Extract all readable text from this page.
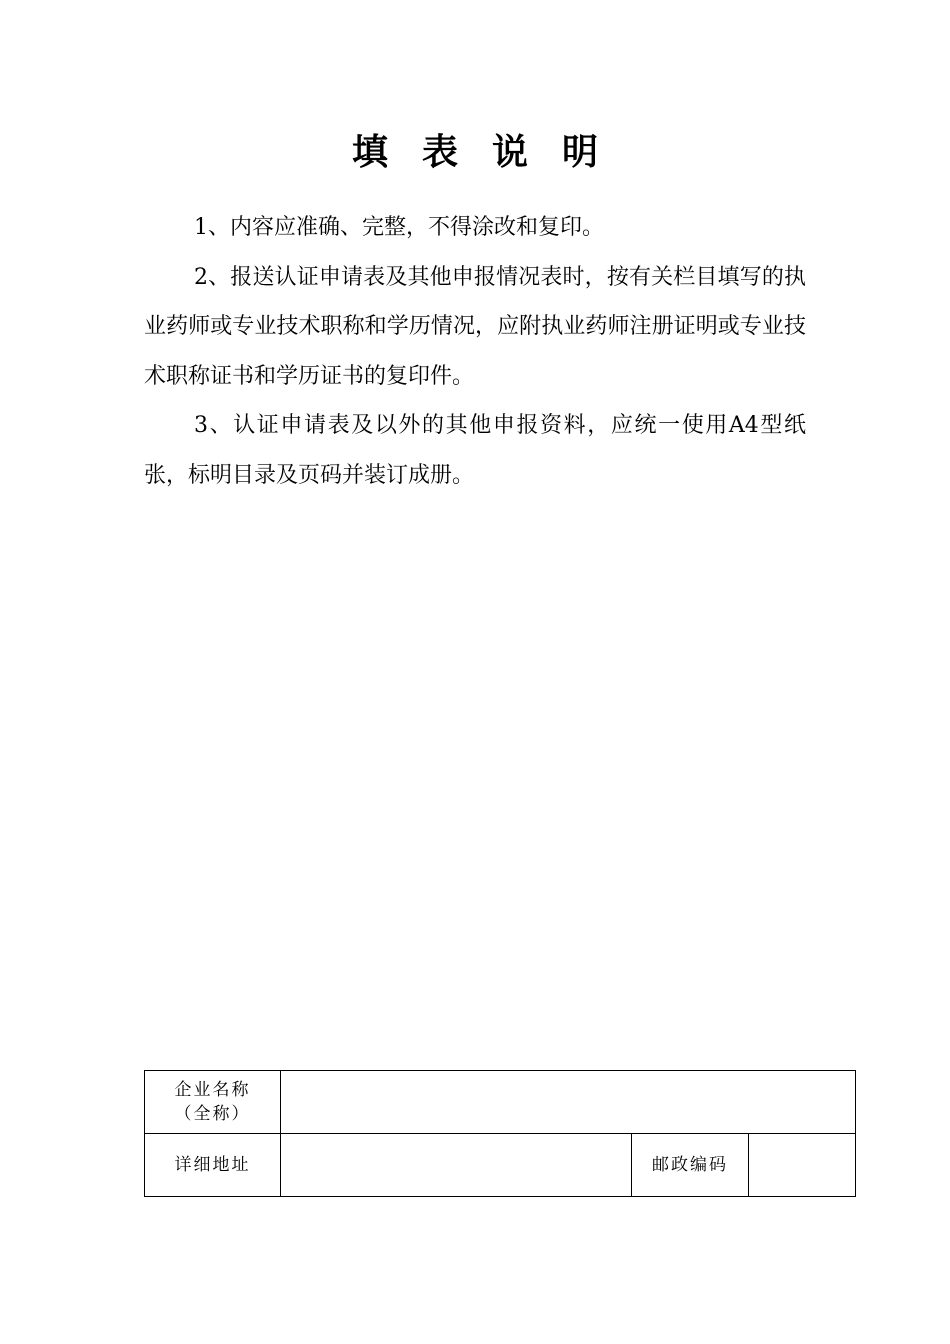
填表说明

1、内容应准确、完整，不得涂改和复印。

2、报送认证申请表及其他申报情况表时，按有关栏目填写的执业药师或专业技术职称和学历情况，应附执业药师注册证明或专业技术职称证书和学历证书的复印件。

3、认证申请表及以外的其他申报资料，应统一使用A4型纸张，标明目录及页码并装订成册。

企业名称
（全称）			

详细地址		邮政编码	
